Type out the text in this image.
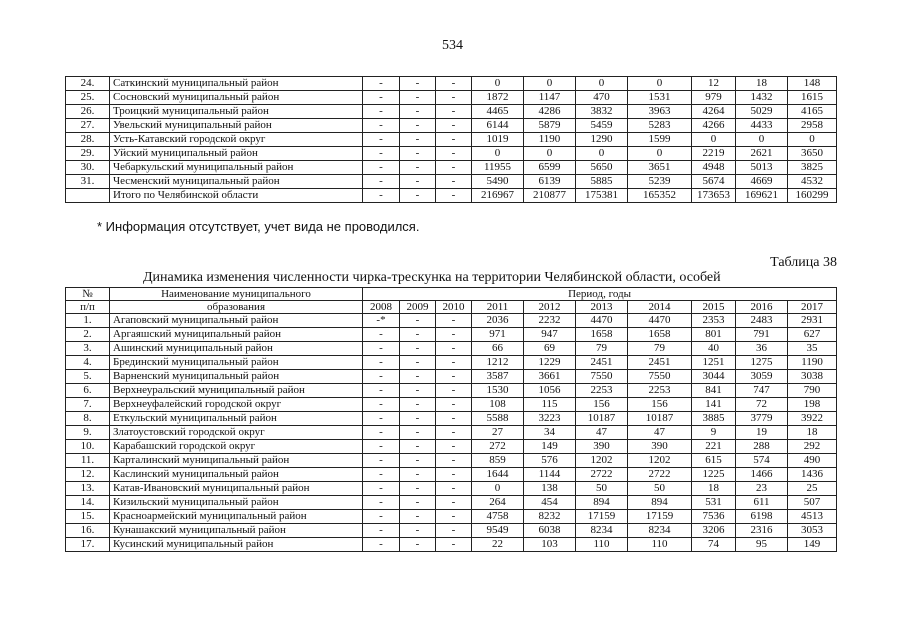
534
24.	Саткинский муниципальный район	-	-	-	0	0	0	0	12	18	148
25.	Сосновский муниципальный район	-	-	-	1872	1147	470	1531	979	1432	1615
26.	Троицкий муниципальный район	-	-	-	4465	4286	3832	3963	4264	5029	4165
27.	Увельский муниципальный район	-	-	-	6144	5879	5459	5283	4266	4433	2958
28.	Усть-Катавский городской округ	-	-	-	1019	1190	1290	1599	0	0	0
29.	Уйский муниципальный район	-	-	-	0	0	0	0	2219	2621	3650
30.	Чебаркульский муниципальный район	-	-	-	11955	6599	5650	3651	4948	5013	3825
31.	Чесменский муниципальный район	-	-	-	5490	6139	5885	5239	5674	4669	4532
	Итого по Челябинской области	-	-	-	216967	210877	175381	165352	173653	169621	160299
* Информация отсутствует, учет вида не проводился.
Таблица 38
Динамика изменения численности чирка-трескунка на территории Челябинской области, особей
№	Наименование муниципального	Период, годы									
п/п	образования	2008	2009	2010	2011	2012	2013	2014	2015	2016	2017
1.	Агаповский муниципальный район	-*	-	-	2036	2232	4470	4470	2353	2483	2931
2.	Аргаяшский муниципальный район	-	-	-	971	947	1658	1658	801	791	627
3.	Ашинский муниципальный район	-	-	-	66	69	79	79	40	36	35
4.	Брединский муниципальный район	-	-	-	1212	1229	2451	2451	1251	1275	1190
5.	Варненский муниципальный район	-	-	-	3587	3661	7550	7550	3044	3059	3038
6.	Верхнеуральский муниципальный район	-	-	-	1530	1056	2253	2253	841	747	790
7.	Верхнеуфалейский городской округ	-	-	-	108	115	156	156	141	72	198
8.	Еткульский муниципальный район	-	-	-	5588	3223	10187	10187	3885	3779	3922
9.	Златоустовский городской округ	-	-	-	27	34	47	47	9	19	18
10.	Карабашский городской округ	-	-	-	272	149	390	390	221	288	292
11.	Карталинский муниципальный район	-	-	-	859	576	1202	1202	615	574	490
12.	Каслинский муниципальный район	-	-	-	1644	1144	2722	2722	1225	1466	1436
13.	Катав-Ивановский муниципальный район	-	-	-	0	138	50	50	18	23	25
14.	Кизильский муниципальный район	-	-	-	264	454	894	894	531	611	507
15.	Красноармейский муниципальный район	-	-	-	4758	8232	17159	17159	7536	6198	4513
16.	Кунашакский муниципальный район	-	-	-	9549	6038	8234	8234	3206	2316	3053
17.	Кусинский муниципальный район	-	-	-	22	103	110	110	74	95	149
